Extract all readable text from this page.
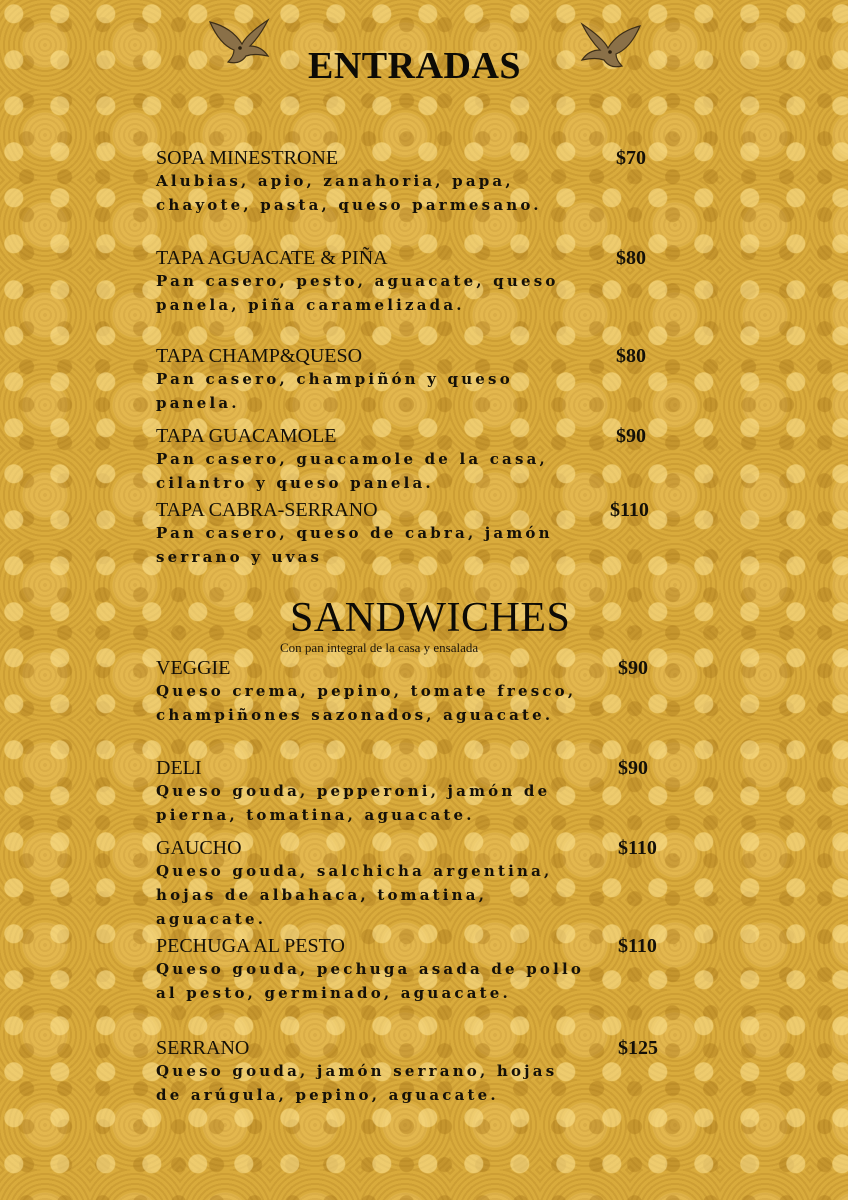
ENTRADAS
SOPA MINESTRONE	$70
Alubias, apio, zanahoria, papa, chayote, pasta, queso parmesano.
TAPA AGUACATE & PIÑA	$80
Pan casero, pesto, aguacate, queso panela, piña caramelizada.
TAPA CHAMP&QUESO	$80
Pan casero, champiñón y queso panela.
TAPA GUACAMOLE	$90
Pan casero, guacamole de la casa, cilantro y queso panela.
TAPA CABRA-SERRANO	$110
Pan casero, queso de cabra, jamón serrano y uvas
SANDWICHES
Con pan integral de la casa y ensalada
VEGGIE	$90
Queso crema, pepino, tomate fresco, champiñones sazonados, aguacate.
DELI	$90
Queso gouda, pepperoni, jamón de pierna, tomatina, aguacate.
GAUCHO	$110
Queso gouda, salchicha argentina, hojas de albahaca, tomatina, aguacate.
PECHUGA AL PESTO	$110
Queso gouda, pechuga asada de pollo al pesto, germinado, aguacate.
SERRANO	$125
Queso gouda, jamón serrano, hojas de arúgula, pepino, aguacate.
